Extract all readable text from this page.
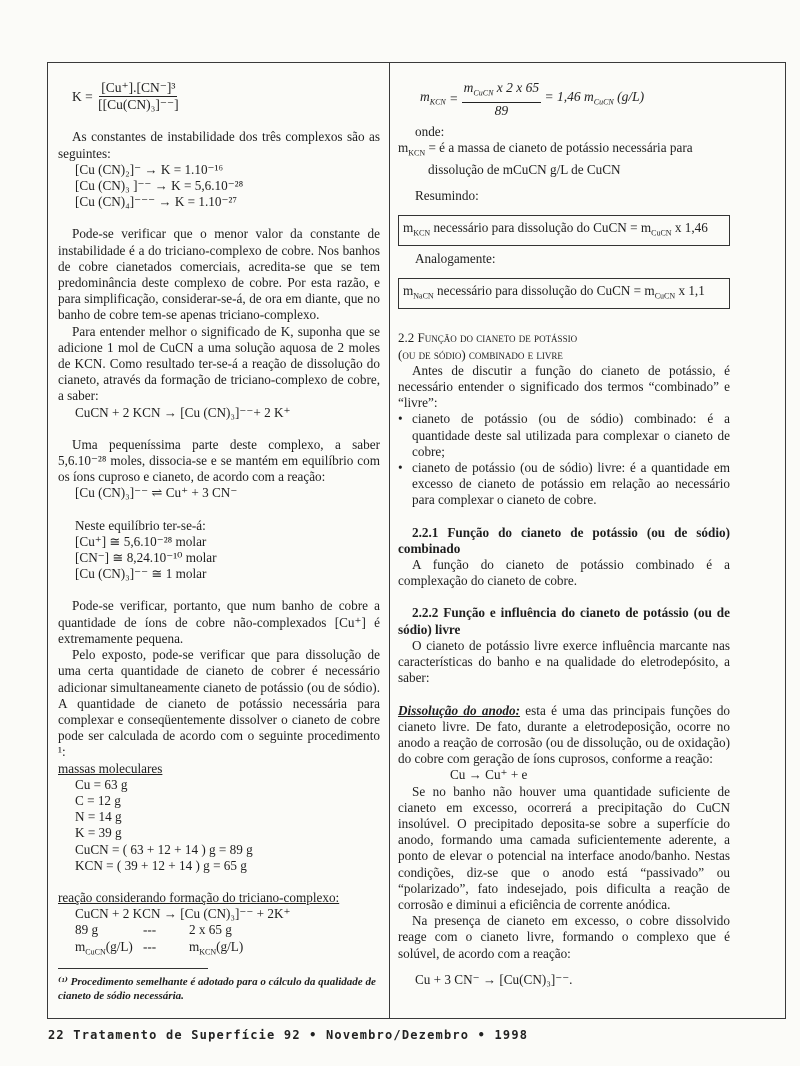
K =
$\frac{\text{[Cu⁺].[CN⁻]³}}{\text{[[Cu(CN)₃]⁻⁻]}}$

As constantes de instabilidade dos três complexos são as seguintes:

[Cu (CN)₂]⁻ → K = 1.10⁻¹⁶

[Cu (CN)₃ ]⁻⁻ → K = 5,6.10⁻²⁸

[Cu (CN)₄]⁻⁻⁻ → K = 1.10⁻²⁷

Pode-se verificar que o menor valor da constante de instabilidade é a do triciano-complexo de cobre. Nos banhos de cobre cianetados comerciais, acredita-se que se tem predominância deste complexo de cobre. Por esta razão, e para simplificação, considerar-se-á, de ora em diante, que no banho de cobre tem-se apenas triciano-complexo.

Para entender melhor o significado de K, suponha que se adicione 1 mol de CuCN a uma solução aquosa de 2 moles de KCN. Como resultado ter-se-á a reação de dissolução do cianeto, através da formação de triciano-complexo de cobre, a saber:

CuCN + 2 KCN → [Cu (CN)₃]⁻⁻+ 2 K⁺

Uma pequeníssima parte deste complexo, a saber 5,6.10⁻²⁸ moles, dissocia-se e se mantém em equilíbrio com os íons cuproso e cianeto, de acordo com a reação:

[Cu (CN)₃]⁻⁻ ⇌ Cu⁺ + 3 CN⁻

Neste equilíbrio ter-se-á:

[Cu⁺] ≅ 5,6.10⁻²⁸ molar

[CN⁻] ≅ 8,24.10⁻¹⁰ molar

[Cu (CN)₃]⁻⁻ ≅ 1 molar

Pode-se verificar, portanto, que num banho de cobre a quantidade de íons de cobre não-complexados [Cu⁺] é extremamente pequena.

Pelo exposto, pode-se verificar que para dissolução de uma certa quantidade de cianeto de cobrer é necessário adicionar simultaneamente cianeto de potássio (ou de sódio). A quantidade de cianeto de potássio necessária para complexar e conseqüentemente dissolver o cianeto de cobre pode ser calculada de acordo com o seguinte procedimento ¹:

massas moleculares

Cu = 63 g

C = 12 g

N = 14 g

K = 39 g

CuCN = ( 63 + 12 + 14 ) g = 89 g

KCN = ( 39 + 12 + 14 ) g = 65 g

reação considerando formação do triciano-complexo:

CuCN + 2 KCN → [Cu (CN)₃]⁻⁻ + 2K⁺

89 g	---	2 x 65 g
$m_{CuCN}(g/L)$ ---	$m_{KCN}(g/L)$

⁽¹⁾ Procedimento semelhante é adotado para o cálculo da qualidade de cianeto de sódio necessária.

$m_{KCN}$
=
$\frac{m_{CuCN} x 2 x 65}{89}$
= 1,46 $m_{CuCN}$ (g/L)

onde:

$m_{KCN}$ = é a massa de cianeto de potássio necessária para

dissolução de mCuCN g/L de CuCN

Resumindo:

$m_{KCN}$ necessário para dissolução do CuCN = $m_{CuCN}$ x 1,46

Analogamente:

$m_{NaCN}$ necessário para dissolução do CuCN = $m_{CuCN}$ x 1,1

2.2 Função do cianeto de potássio

(ou de sódio) combinado e livre

Antes de discutir a função do cianeto de potássio, é necessário entender o significado dos termos “combinado” e “livre”:

• cianeto de potássio (ou de sódio) combinado: é a quantidade deste sal utilizada para complexar o cianeto de cobre;
• cianeto de potássio (ou de sódio) livre: é a quantidade em excesso de cianeto de potássio em relação ao necessário para complexar o cianeto de cobre.

2.2.1 Função do cianeto de potássio (ou de sódio) combinado

A função do cianeto de potássio combinado é a complexação do cianeto de cobre.

2.2.2 Função e influência do cianeto de potássio (ou de sódio) livre

O cianeto de potássio livre exerce influência marcante nas características do banho e na qualidade do eletrodepósito, a saber:

Dissolução do anodo: esta é uma das principais funções do cianeto livre. De fato, durante a eletrodeposição, ocorre no anodo a reação de corrosão (ou de dissolução, ou de oxidação) do cobre com geração de íons cuprosos, conforme a reação:

Cu → Cu⁺ + e

Se no banho não houver uma quantidade suficiente de cianeto em excesso, ocorrerá a precipitação do CuCN insolúvel. O precipitado deposita-se sobre a superfície do anodo, formando uma camada suficientemente aderente, a ponto de elevar o potencial na interface anodo/banho. Nestas condições, diz-se que o anodo está “passivado” ou “polarizado”, fato indesejado, pois dificulta a reação de corrosão e diminui a eficiência de corrente anódica.

Na presença de cianeto em excesso, o cobre dissolvido reage com o cianeto livre, formando o complexo que é solúvel, de acordo com a reação:

Cu + 3 CN⁻ → [Cu(CN)₃]⁻⁻.

22 Tratamento de Superfície 92 • Novembro/Dezembro • 1998
